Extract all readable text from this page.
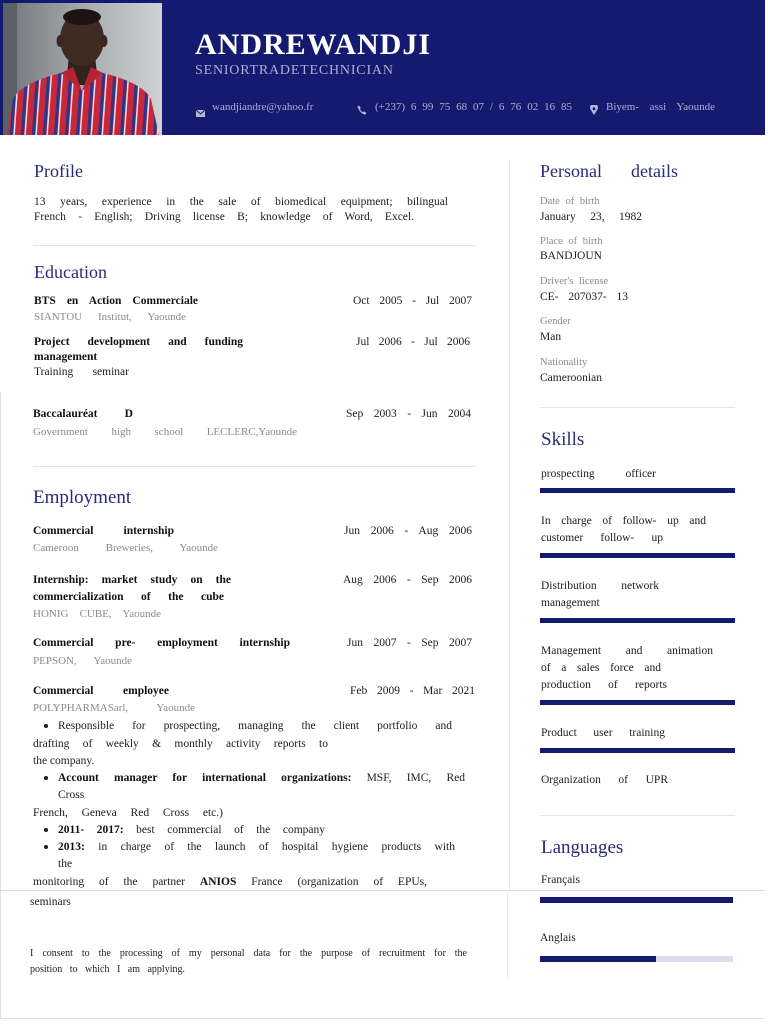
ANDREWANDJI
SENIORTRADETECHNICIAN
wandjiandre@yahoo.fr	(+237) 6 99 75 68 07 / 6 76 02 16 85	Biyem- assi Yaounde
Profile
13 years, experience in the sale of biomedical equipment; bilingual
French - English; Driving license B; knowledge of Word, Excel.
Education
BTS en Action Commerciale	Oct 2005 - Jul 2007
SIANTOU Institut, Yaounde
Project development and funding
management
Jul 2006 - Jul 2006
Training seminar
Baccalauréat D	Sep 2003 - Jun 2004
Government high school LECLERC,Yaounde
Employment
Commercial internship	Jun 2006 - Aug 2006
Cameroon Breweries, Yaounde
Internship: market study on the
commercialization of the cube
Aug 2006 - Sep 2006
HONIG CUBE, Yaounde
Commercial pre- employment internship	Jun 2007 - Sep 2007
PEPSON, Yaounde
Commercial employee	Feb 2009 - Mar 2021
POLYPHARMASarl, Yaounde
Responsible for prospecting, managing the client portfolio and
drafting of weekly & monthly activity reports to
the company.
Account manager for international organizations: MSF, IMC, Red
Cross
French, Geneva Red Cross etc.)
2011- 2017: best commercial of the company
2013: in charge of the launch of hospital hygiene products with
the
monitoring of the partner ANIOS France (organization of EPUs,
seminars
I consent to the processing of my personal data for the purpose of recruitment for the
position to which I am applying.
Personal details
Date of birth
January 23, 1982
Place of birth
BANDJOUN
Driver's license
CE- 207037- 13
Gender
Man
Nationality
Cameroonian
Skills
prospecting officer
In charge of follow- up and
customer follow- up
Distribution network
management
Management and animation
of a sales force and
production of reports
Product user training
Organization of UPR
Languages
Français
Anglais
